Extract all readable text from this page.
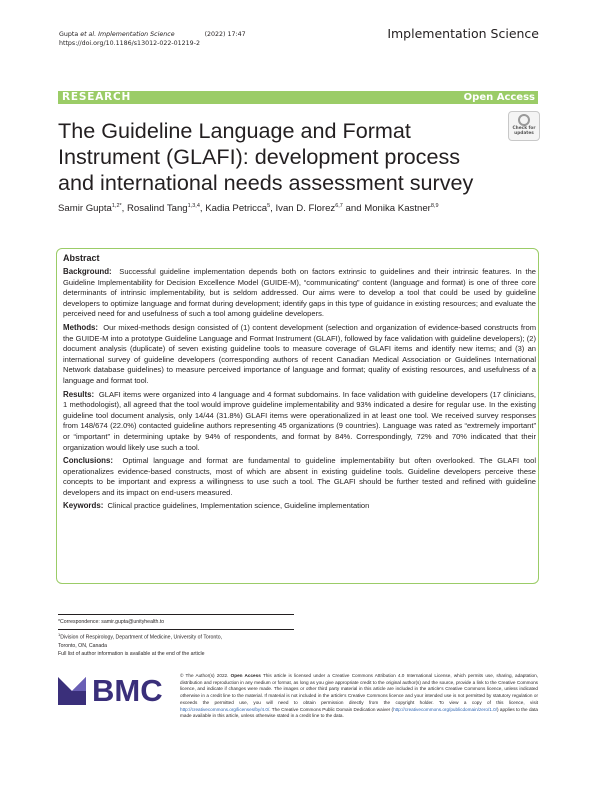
Gupta et al. Implementation Science	(2022) 17:47
https://doi.org/10.1186/s13012-022-01219-2
Implementation Science
RESEARCH	Open Access
Check for
updates
The Guideline Language and Format Instrument (GLAFI): development process and international needs assessment survey
Samir Gupta$^{1,2*}$, Rosalind Tang$^{1,3,4}$, Kadia Petricca$^5$, Ivan D. Florez$^{6,7}$ and Monika Kastner$^{8,9}$
Abstract

Background: Successful guideline implementation depends both on factors extrinsic to guidelines and their intrinsic features. In the Guideline Implementability for Decision Excellence Model (GUIDE-M), “communicating” content (language and format) is one of three core determinants of intrinsic implementability, but is seldom addressed. Our aims were to develop a tool that could be used by guideline developers to optimize language and format during development; identify gaps in this type of guidance in existing resources; and evaluate the perceived need for and usefulness of such a tool among guideline developers.

Methods: Our mixed-methods design consisted of (1) content development (selection and organization of evidence-based constructs from the GUIDE-M into a prototype Guideline Language and Format Instrument (GLAFI), followed by face validation with guideline developers); (2) document analysis (duplicate) of seven existing guideline tools to measure coverage of GLAFI items and identify new items; and (3) an international survey of guideline developers (corresponding authors of recent Canadian Medical Association or Guidelines International Network database guidelines) to measure perceived importance of language and format; quality of existing resources, and usefulness of a language and format tool.

Results: GLAFI items were organized into 4 language and 4 format subdomains. In face validation with guideline developers (17 clinicians, 1 methodologist), all agreed that the tool would improve guideline implementability and 93% indicated a desire for regular use. In the existing guideline tool document analysis, only 14/44 (31.8%) GLAFI items were operationalized in at least one tool. We received survey responses from 148/674 (22.0%) contacted guideline authors representing 45 organizations (9 countries). Language was rated as “extremely important” or “important” in determining uptake by 94% of respondents, and format by 84%. Correspondingly, 72% and 70% indicated that their organization would likely use such a tool.

Conclusions: Optimal language and format are fundamental to guideline implementability but often overlooked. The GLAFI tool operationalizes evidence-based constructs, most of which are absent in existing guideline tools. Guideline developers perceive these concepts to be important and express a willingness to use such a tool. The GLAFI should be further tested and refined with guideline developers and its impact on end-users measured.

Keywords: Clinical practice guidelines, Implementation science, Guideline implementation

*Correspondence: samir.gupta@unityhealth.to
$^1$Division of Respirology, Department of Medicine, University of Toronto,
Toronto, ON, Canada
Full list of author information is available at the end of the article
BMC	© The Author(s) 2022. Open Access This article is licensed under a Creative Commons Attribution 4.0 International License, which permits use, sharing, adaptation, distribution and reproduction in any medium or format, as long as you give appropriate credit to the original author(s) and the source, provide a link to the Creative Commons licence, and indicate if changes were made. The images or other third party material in this article are included in the article’s Creative Commons licence, unless indicated otherwise in a credit line to the material. If material is not included in the article’s Creative Commons licence and your intended use is not permitted by statutory regulation or exceeds the permitted use, you will need to obtain permission directly from the copyright holder. To view a copy of this licence, visit http://creativecommons.org/licenses/by/4.0/. The Creative Commons Public Domain Dedication waiver (http://creativecommons.org/publicdomain/zero/1.0/) applies to the data made available in this article, unless otherwise stated in a credit line to the data.
